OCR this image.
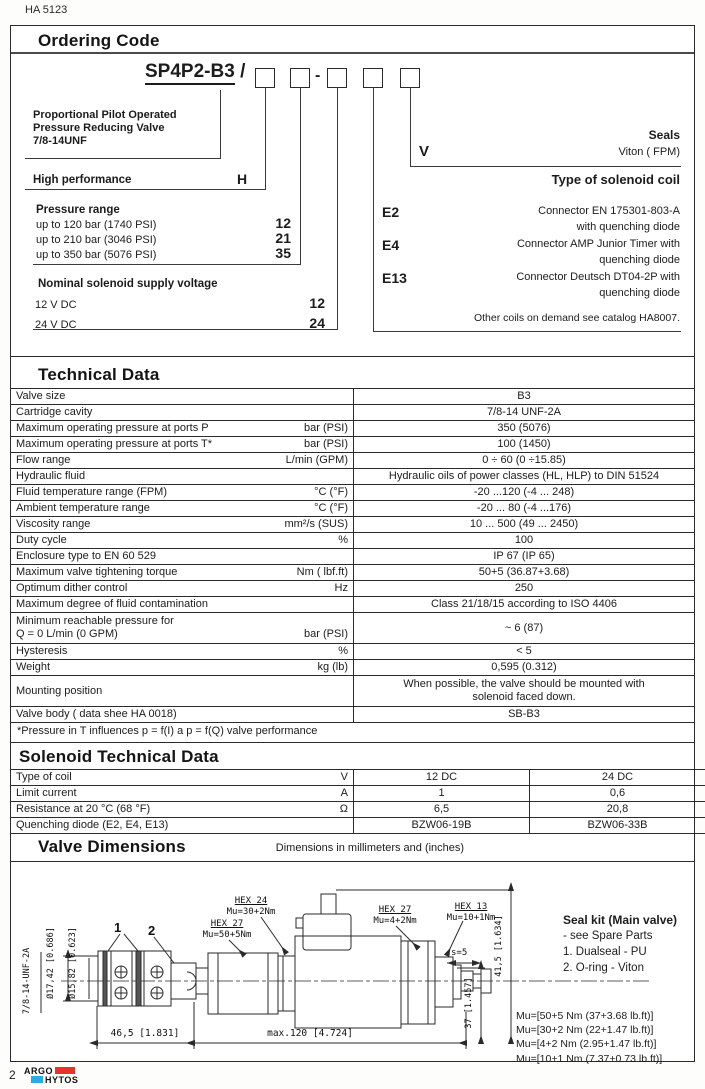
HA 5123
Ordering Code
SP4P2-B3 /	-
Proportional Pilot Operated
Pressure Reducing Valve
7/8-14UNF
High performance	H
Pressure range
up to 120 bar (1740 PSI)	12
up to 210 bar (3046 PSI)	21
up to 350 bar (5076 PSI)	35
Nominal solenoid supply voltage
12 V DC	12
24 V DC	24
Seals
Viton ( FPM)
V
Type of solenoid coil
E2	Connector EN 175301-803-A
with quenching diode
E4	Connector AMP Junior Timer with
quenching diode
E13	Connector Deutsch DT04-2P with
quenching diode
Other coils on demand see catalog HA8007.
Technical Data
Valve size	B3

Cartridge cavity	7/8-14 UNF-2A

Maximum operating pressure at ports P bar (PSI)	350 (5076)

Maximum operating pressure at ports T* bar (PSI)	100 (1450)

Flow range L/min (GPM)	0 ÷ 60 (0 ÷15.85)

Hydraulic fluid	Hydraulic oils of power classes (HL, HLP) to DIN 51524

Fluid temperature range (FPM) °C (°F)	-20 ...120 (-4 ... 248)

Ambient temperature range °C (°F)	-20 ... 80 (-4 ...176)

Viscosity range mm²/s (SUS)	10 ... 500 (49 ... 2450)

Duty cycle %	100

Enclosure type to EN 60 529	IP 67 (IP 65)

Maximum valve tightening torque Nm ( lbf.ft)	50+5 (36.87+3.68)

Optimum dither control Hz	250

Maximum degree of fluid contamination	Class 21/18/15 according to ISO 4406

Minimum reachable pressure for
Q = 0 L/min (0 GPM) bar (PSI)	~ 6 (87)

Hysteresis %	< 5

Weight kg (lb)	0,595 (0.312)

Mounting position	When possible, the valve should be mounted with
solenoid faced down.

Valve body ( data shee HA 0018)	SB-B3
*Pressure in T influences p = f(I) a p = f(Q) valve performance
Solenoid Technical Data
Type of coil V	12 DC	24 DC

Limit current A	1	0,6

Resistance at 20 °C (68 °F) Ω	6,5	20,8

Quenching diode (E2, E4, E13)	BZW06-19B	BZW06-33B
Valve Dimensions	Dimensions in millimeters and (inches)
7/8-14-UNF-2A Ø17,42 [0.686] Ø15,82 [0.623]	1 2	HEX 27
Mu=50+5Nm
HEX 24
Mu=30+2Nm	HEX 27
Mu=4+2Nm
HEX 13
Mu=10+1Nm
s=5
37 [1.457]
41,5 [1.634]
46,5 [1.831]	max.120 [4.724]
Seal kit (Main valve)
- see Spare Parts
1. Dualseal - PU
2. O-ring - Viton
Mu=[50+5 Nm (37+3.68 lb.ft)]
Mu=[30+2 Nm (22+1.47 lb.ft)]
Mu=[4+2 Nm (2.95+1.47 lb.ft)]
Mu=[10+1 Nm (7.37+0.73 lb.ft)]
2 ARGO
HYTOS
